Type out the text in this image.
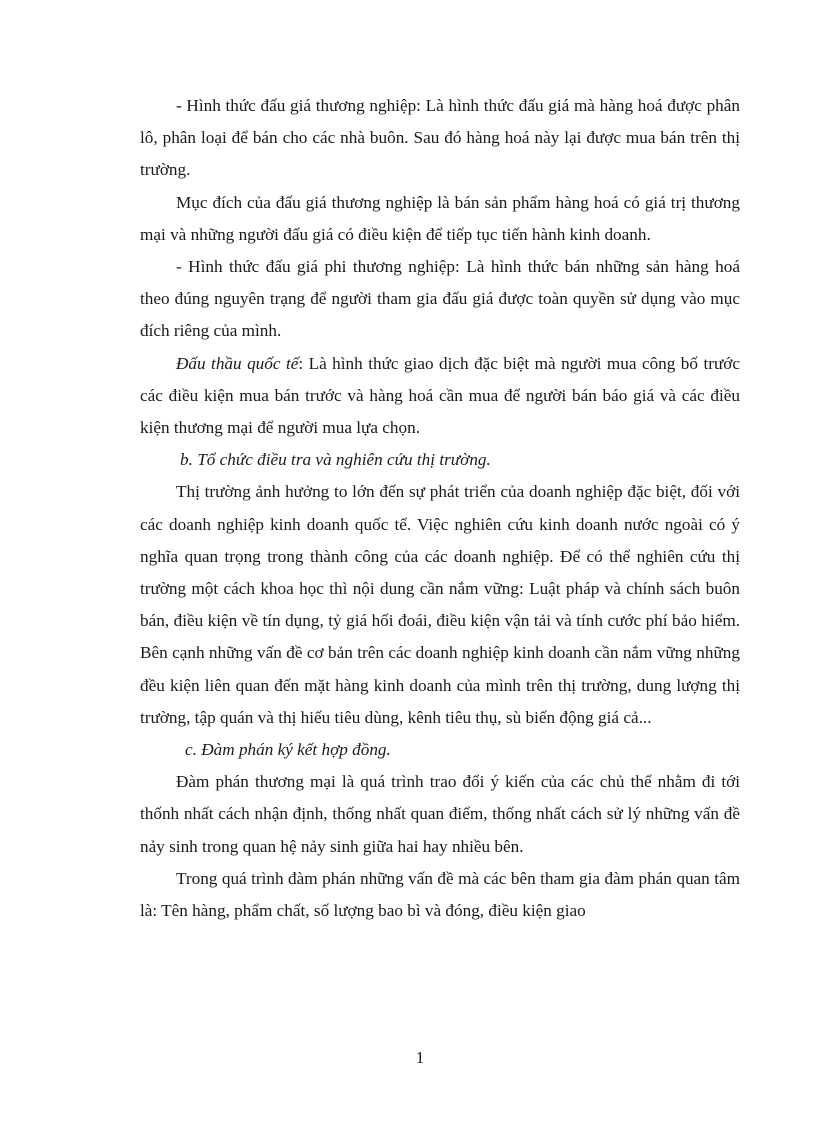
- Hình thức đấu giá thương nghiệp: Là hình thức đấu giá mà hàng hoá được phân lô, phân loại để bán cho các nhà buôn. Sau đó hàng hoá này lại được mua bán trên thị trường.

Mục đích của đấu giá thương nghiệp là bán sản phẩm hàng hoá có giá trị thương mại và những người đấu giá có điều kiện để tiếp tục tiến hành kinh doanh.

- Hình thức đấu giá phi thương nghiệp: Là hình thức bán những sản hàng hoá theo đúng nguyên trạng để người tham gia đấu giá được toàn quyền sử dụng vào mục đích riêng của mình.

Đấu thầu quốc tế: Là hình thức giao dịch đặc biệt mà người mua công bố trước các điều kiện mua bán trước và hàng hoá cần mua để người bán báo giá và các điều kiện thương mại để người mua lựa chọn.

b. Tổ chức điều tra và nghiên cứu thị trường.

Thị trường ảnh hưởng to lớn đến sự phát triển của doanh nghiệp đặc biệt, đối với các doanh nghiệp kinh doanh quốc tế. Việc nghiên cứu kinh doanh nước ngoài có ý nghĩa quan trọng trong thành công của các doanh nghiệp. Để có thể nghiên cứu thị trường một cách khoa học thì nội dung cần nắm vững: Luật pháp và chính sách buôn bán, điều kiện về tín dụng, tỷ giá hối đoái, điều kiện vận tải và tính cước phí bảo hiểm. Bên cạnh những vấn đề cơ bản trên các doanh nghiệp kinh doanh cần nắm vững những đều kiện liên quan đến mặt hàng kinh doanh của mình trên thị trường, dung lượng thị trường, tập quán và thị hiếu tiêu dùng, kênh tiêu thụ, sù biến động giá cả...

c. Đàm phán ký kết hợp đồng.

Đàm phán thương mại là quá trình trao đổi ý kiến của các chủ thể nhằm đi tới thốnh nhất cách nhận định, thống nhất quan điểm, thống nhất cách sử lý những vấn đề nảy sinh trong quan hệ nảy sinh giữa hai hay nhiều bên.

Trong quá trình đàm phán những vấn đề mà các bên tham gia đàm phán quan tâm là: Tên hàng, phẩm chất, số lượng bao bì và đóng, điều kiện giao

1
